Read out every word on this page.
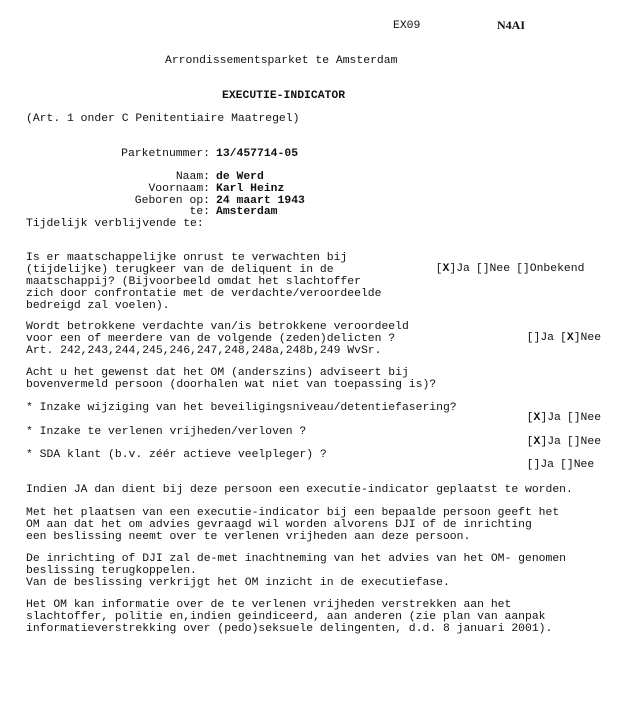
EX09	N4AI
Arrondissementsparket te Amsterdam
EXECUTIE-INDICATOR
(Art. 1 onder C Penitentiaire Maatregel)
Parketnummer: 13/457714-05
Naam: de Werd
Voornaam: Karl Heinz
Geboren op: 24 maart 1943
te: Amsterdam
Tijdelijk verblijvende te:
Is er maatschappelijke onrust te verwachten bij
(tijdelijke) terugkeer van de deliquent in de
maatschappij? (Bijvoorbeeld omdat het slachtoffer
zich door confrontatie met de verdachte/veroordeelde
bedreigd zal voelen).

[X]Ja []Nee []Onbekend

Wordt betrokkene verdachte van/is betrokkene veroordeeld
voor een of meerdere van de volgende (zeden)delicten ?
Art. 242,243,244,245,246,247,248,248a,248b,249 WvSr.

[]Ja [X]Nee

Acht u het gewenst dat het OM (anderszins) adviseert bij
bovenvermeld persoon (doorhalen wat niet van toepassing is)?
* Inzake wijziging van het beveiligingsniveau/detentiefasering?

[X]Ja []Nee

* Inzake te verlenen vrijheden/verloven ?

[X]Ja []Nee

* SDA klant (b.v. zéér actieve veelpleger) ?

[]Ja []Nee

Indien JA dan dient bij deze persoon een executie-indicator geplaatst te worden.
Met het plaatsen van een executie-indicator bij een bepaalde persoon geeft het
OM aan dat het om advies gevraagd wil worden alvorens DJI of de inrichting
een beslissing neemt over te verlenen vrijheden aan deze persoon.
De inrichting of DJI zal de-met inachtneming van het advies van het OM- genomen
beslissing terugkoppelen.
Van de beslissing verkrijgt het OM inzicht in de executiefase.
Het OM kan informatie over de te verlenen vrijheden verstrekken aan het
slachtoffer, politie en,indien geindiceerd, aan anderen (zie plan van aanpak
informatieverstrekking over (pedo)seksuele delingenten, d.d. 8 januari 2001).
